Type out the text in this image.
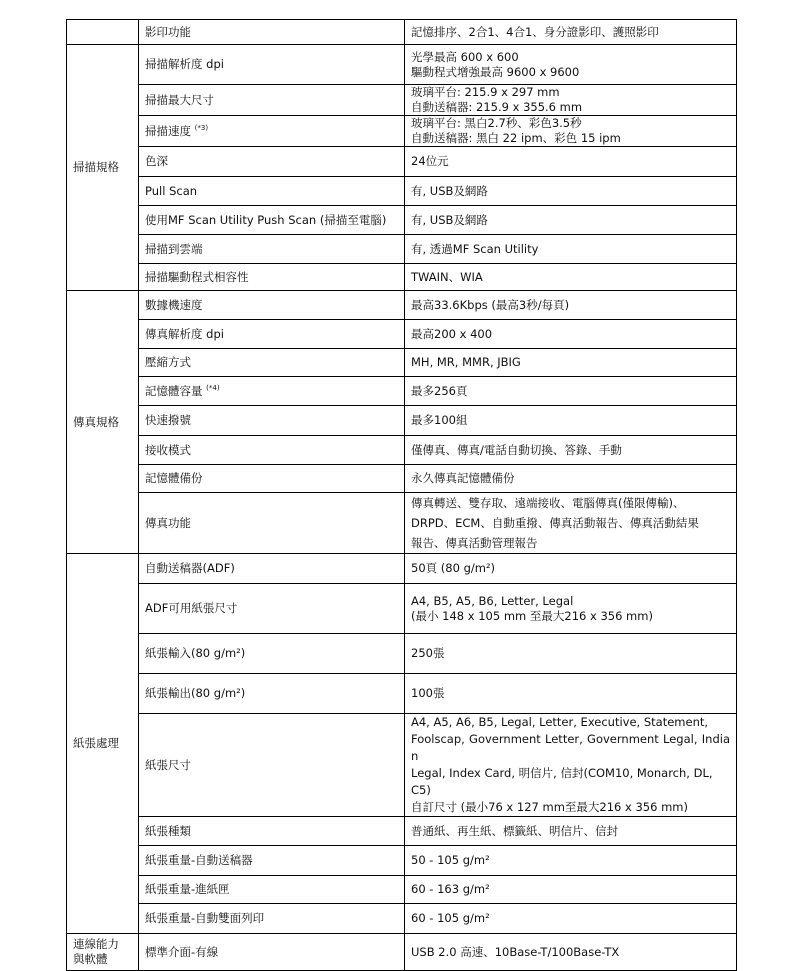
	影印功能	記憶排序、2合1、4合1、身分證影印、護照影印

掃描規格	掃描解析度 dpi	光學最高 600 x 600
驅動程式增強最高 9600 x 9600

	掃描最大尺寸	玻璃平台: 215.9 x 297 mm
自動送稿器: 215.9 x 355.6 mm

	掃描速度 $^{(*3)}$	玻璃平台: 黑白2.7秒、彩色3.5秒
自動送稿器: 黑白 22 ipm、彩色 15 ipm

	色深	24位元

	Pull Scan	有, USB及網路

	使用MF Scan Utility Push Scan (掃描至電腦)	有, USB及網路

	掃描到雲端	有, 透過MF Scan Utility

	掃描驅動程式相容性	TWAIN、WIA

傳真規格	數據機速度	最高33.6Kbps (最高3秒/每頁)

	傳真解析度 dpi	最高200 x 400

	壓縮方式	MH, MR, MMR, JBIG

	記憶體容量 $^{(*4)}$	最多256頁

	快速撥號	最多100組

	接收模式	僅傳真、傳真/電話自動切換、答錄、手動

	記憶體備份	永久傳真記憶體備份

	傳真功能	傳真轉送、雙存取、遠端接收、電腦傳真(僅限傳輸)、
DRPD、ECM、自動重撥、傳真活動報告、傳真活動結果
報告、傳真活動管理報告

紙張處理	自動送稿器(ADF)	50頁 (80 g/m²)

	ADF可用紙張尺寸	A4, B5, A5, B6, Letter, Legal
(最小 148 x 105 mm 至最大216 x 356 mm)

	紙張輸入(80 g/m²)	250張

	紙張輸出(80 g/m²)	100張

	紙張尺寸	A4, A5, A6, B5, Legal, Letter, Executive, Statement,
Foolscap, Government Letter, Government Legal, Indian
Legal, Index Card, 明信片, 信封(COM10, Monarch, DL,
C5)
自訂尺寸 (最小76 x 127 mm至最大216 x 356 mm)

	紙張種類	普通紙、再生紙、標籤紙、明信片、信封

	紙張重量-自動送稿器	50 - 105 g/m²

	紙張重量-進紙匣	60 - 163 g/m²

	紙張重量-自動雙面列印	60 - 105 g/m²

連線能力
與軟體	標準介面-有線	USB 2.0 高速、10Base-T/100Base-TX
